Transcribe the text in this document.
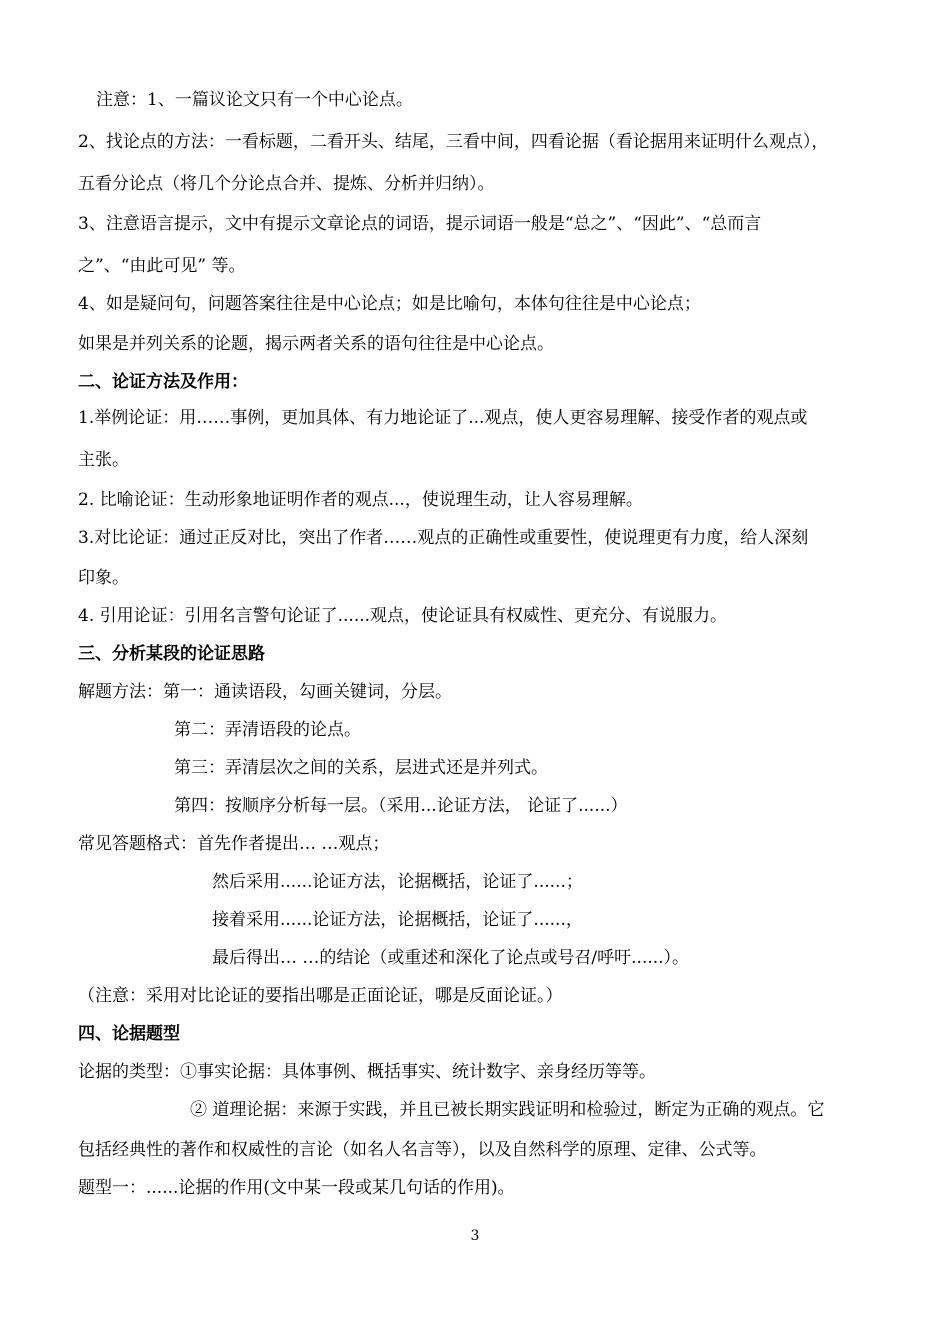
注意：1、一篇议论文只有一个中心论点。
2、找论点的方法：一看标题，二看开头、结尾，三看中间，四看论据（看论据用来证明什么观点），
五看分论点（将几个分论点合并、提炼、分析并归纳）。
3、注意语言提示，文中有提示文章论点的词语，提示词语一般是“总之”、“因此”、“总而言
之”、“由此可见” 等。
4、如是疑问句，问题答案往往是中心论点；如是比喻句，本体句往往是中心论点；
如果是并列关系的论题，揭示两者关系的语句往往是中心论点。
二、论证方法及作用：
1.举例论证：用……事例，更加具体、有力地论证了...观点，使人更容易理解、接受作者的观点或
主张。
2. 比喻论证：生动形象地证明作者的观点...，使说理生动，让人容易理解。
3.对比论证：通过正反对比，突出了作者……观点的正确性或重要性，使说理更有力度，给人深刻
印象。
4. 引用论证：引用名言警句论证了......观点，使论证具有权威性、更充分、有说服力。
三、分析某段的论证思路
解题方法：第一：通读语段，勾画关键词，分层。
第二：弄清语段的论点。
第三：弄清层次之间的关系，层进式还是并列式。
第四：按顺序分析每一层。（采用...论证方法， 论证了......）
常见答题格式：首先作者提出… …观点；
然后采用......论证方法，论据概括，论证了......；
接着采用......论证方法，论据概括，论证了......，
最后得出… …的结论（或重述和深化了论点或号召/呼吁......）。
（注意：采用对比论证的要指出哪是正面论证，哪是反面论证。）
四、论据题型
论据的类型：①事实论据：具体事例、概括事实、统计数字、亲身经历等等。
② 道理论据：来源于实践，并且已被长期实践证明和检验过，断定为正确的观点。它
包括经典性的著作和权威性的言论（如名人名言等），以及自然科学的原理、定律、公式等。
题型一：......论据的作用(文中某一段或某几句话的作用)。
3
